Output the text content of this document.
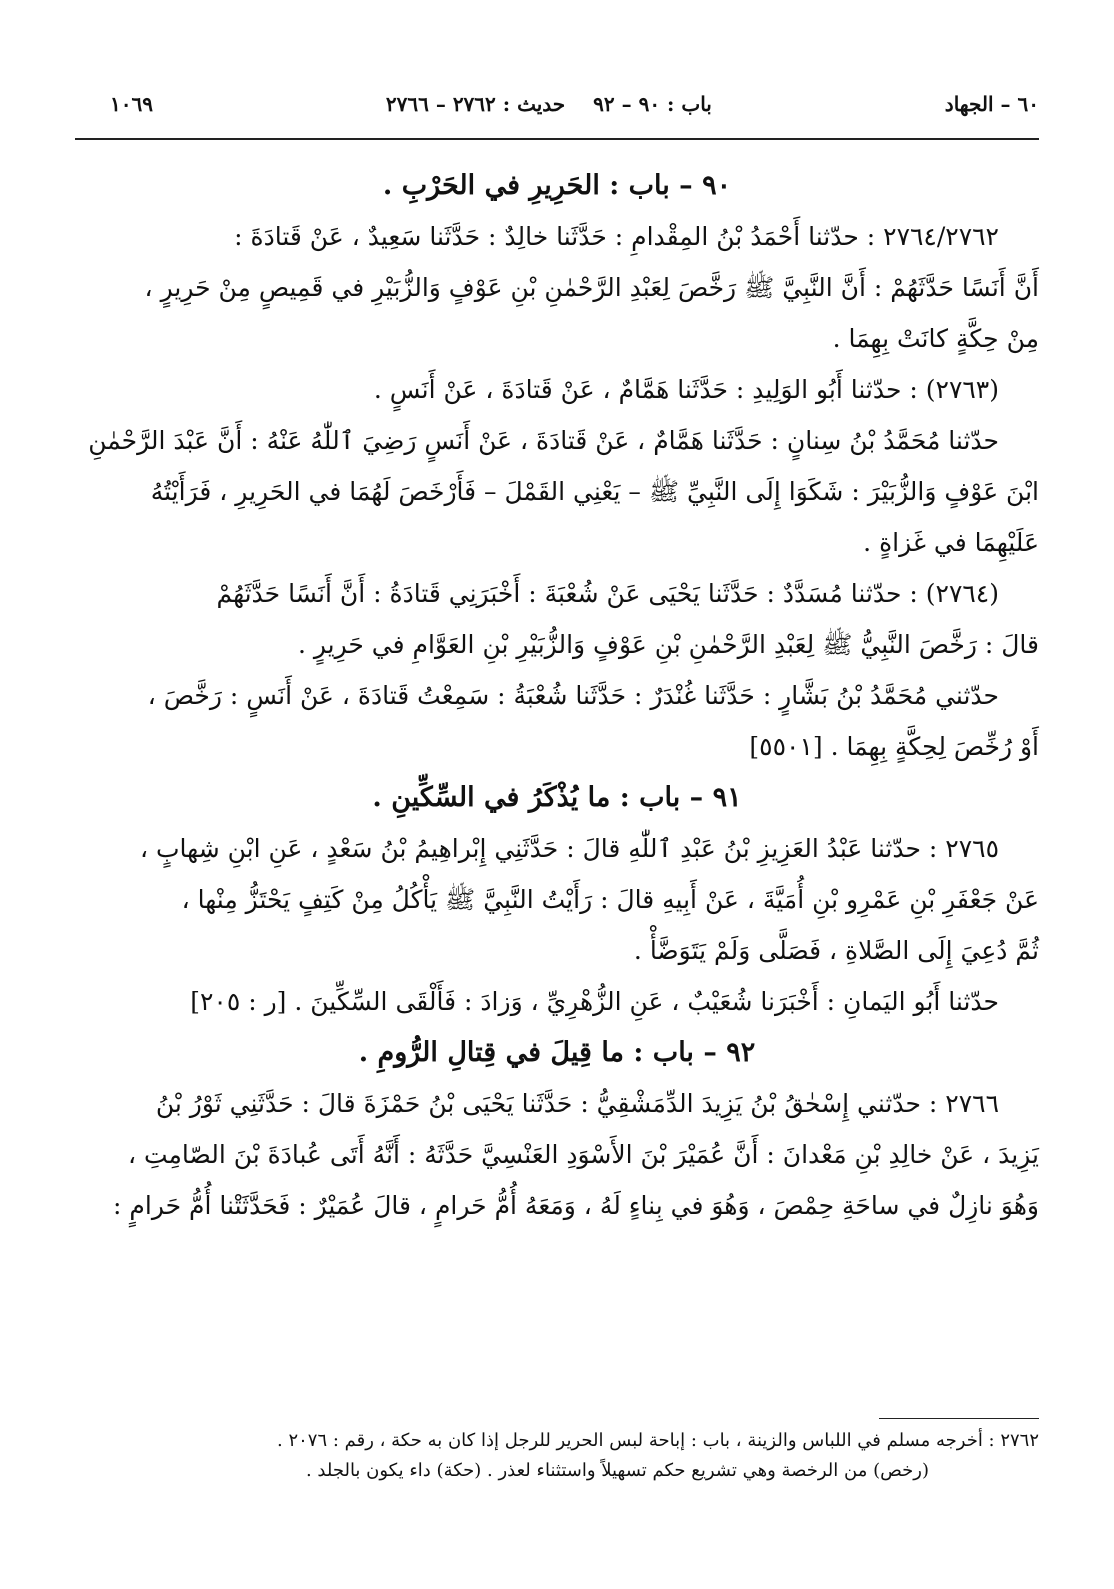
٦٠ – الجهاد
باب : ٩٠ – ٩٢
حديث : ٢٧٦٢ – ٢٧٦٦
١٠٦٩

٩٠ – باب : الحَرِيرِ في الحَرْبِ .

٢٧٦٤/٢٧٦٢ : حدّثنا أَحْمَدُ بْنُ المِقْدامِ : حَدَّثَنا خالِدٌ : حَدَّثَنا سَعِيدٌ ، عَنْ قَتادَةَ :

أَنَّ أَنَسًا حَدَّثَهُمْ : أَنَّ النَّبِيَّ ﷺ رَخَّصَ لِعَبْدِ الرَّحْمٰنِ بْنِ عَوْفٍ وَالزُّبَيْرِ في قَمِيصٍ مِنْ حَرِيرٍ ،

مِنْ حِكَّةٍ كانَتْ بِهِمَا .

(٢٧٦٣) : حدّثنا أَبُو الوَلِيدِ : حَدَّثَنا هَمَّامٌ ، عَنْ قَتادَةَ ، عَنْ أَنَسٍ .

حدّثنا مُحَمَّدُ بْنُ سِنانٍ : حَدَّثَنا هَمَّامٌ ، عَنْ قَتادَةَ ، عَنْ أَنَسٍ رَضِيَ ٱللّٰهُ عَنْهُ : أَنَّ عَبْدَ الرَّحْمٰنِ

ابْنَ عَوْفٍ وَالزُّبَيْرَ : شَكَوَا إِلَى النَّبِيِّ ﷺ – يَعْنِي القَمْلَ – فَأَرْخَصَ لَهُمَا في الحَرِيرِ ، فَرَأَيْتُهُ

عَلَيْهِمَا في غَزاةٍ .

(٢٧٦٤) : حدّثنا مُسَدَّدٌ : حَدَّثَنا يَحْيَى عَنْ شُعْبَةَ : أَخْبَرَنِي قَتادَةُ : أَنَّ أَنَسًا حَدَّثَهُمْ

قالَ : رَخَّصَ النَّبِيُّ ﷺ لِعَبْدِ الرَّحْمٰنِ بْنِ عَوْفٍ وَالزُّبَيْرِ بْنِ العَوَّامِ في حَرِيرٍ .

حدّثني مُحَمَّدُ بْنُ بَشَّارٍ : حَدَّثَنا غُنْدَرٌ : حَدَّثَنا شُعْبَةُ : سَمِعْتُ قَتادَةَ ، عَنْ أَنَسٍ : رَخَّصَ ،

أَوْ رُخِّصَ لِحِكَّةٍ بِهِمَا . [٥٥٠١]

٩١ – باب : ما يُذْكَرُ في السِّكِّينِ .

٢٧٦٥ : حدّثنا عَبْدُ العَزِيزِ بْنُ عَبْدِ ٱللّٰهِ قالَ : حَدَّثَنِي إِبْراهِيمُ بْنُ سَعْدٍ ، عَنِ ابْنِ شِهابٍ ،

عَنْ جَعْفَرِ بْنِ عَمْرِو بْنِ أُمَيَّةَ ، عَنْ أَبِيهِ قالَ : رَأَيْتُ النَّبِيَّ ﷺ يَأْكُلُ مِنْ كَتِفٍ يَحْتَزُّ مِنْها ،

ثُمَّ دُعِيَ إِلَى الصَّلاةِ ، فَصَلَّى وَلَمْ يَتَوَضَّأْ .

حدّثنا أَبُو اليَمانِ : أَخْبَرَنا شُعَيْبٌ ، عَنِ الزُّهْرِيِّ ، وَزادَ : فَأَلْقَى السِّكِّينَ . [ر : ٢٠٥]

٩٢ – باب : ما قِيلَ في قِتالِ الرُّومِ .

٢٧٦٦ : حدّثني إِسْحٰقُ بْنُ يَزِيدَ الدِّمَشْقِيُّ : حَدَّثَنا يَحْيَى بْنُ حَمْزَةَ قالَ : حَدَّثَنِي ثَوْرُ بْنُ

يَزِيدَ ، عَنْ خالِدِ بْنِ مَعْدانَ : أَنَّ عُمَيْرَ بْنَ الأَسْوَدِ العَنْسِيَّ حَدَّثَهُ : أَنَّهُ أَتَى عُبادَةَ بْنَ الصّامِتِ ،

وَهُوَ نازِلٌ في ساحَةِ حِمْصَ ، وَهُوَ في بِناءٍ لَهُ ، وَمَعَهُ أُمُّ حَرامٍ ، قالَ عُمَيْرٌ : فَحَدَّثَتْنا أُمُّ حَرامٍ :

٢٧٦٢ : أخرجه مسلم في اللباس والزينة ، باب : إباحة لبس الحرير للرجل إذا كان به حكة ، رقم : ٢٠٧٦ .

(رخص) من الرخصة وهي تشريع حكم تسهيلاً واستثناء لعذر . (حكة) داء يكون بالجلد .
